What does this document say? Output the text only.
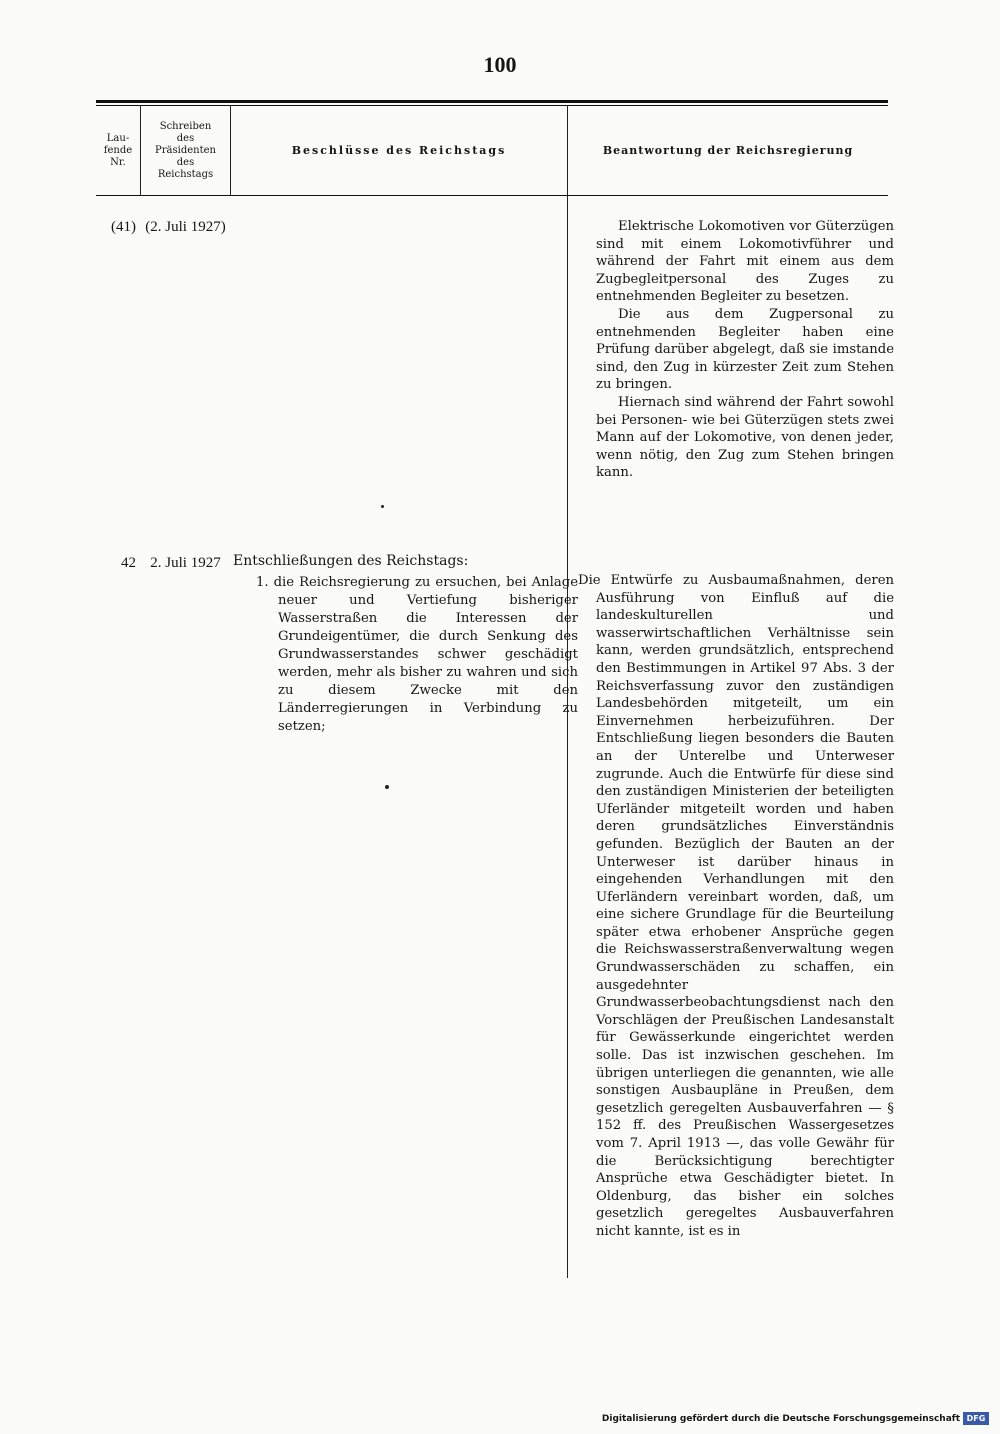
100
Lau-
fende
Nr.
Schreiben
des
Präsidenten
des
Reichstags
Beschlüsse des Reichstags	Beantwortung der Reichsregierung
(41) (2. Juli 1927)	Elektrische Lokomotiven vor Güterzügen sind mit einem Lokomotivführer und während der Fahrt mit einem aus dem Zugbegleitpersonal des Zuges zu entnehmenden Begleiter zu besetzen.

Die aus dem Zugpersonal zu entnehmenden Begleiter haben eine Prüfung darüber abgelegt, daß sie imstande sind, den Zug in kürzester Zeit zum Stehen zu bringen.

Hiernach sind während der Fahrt sowohl bei Personen- wie bei Güterzügen stets zwei Mann auf der Lokomotive, von denen jeder, wenn nötig, den Zug zum Stehen bringen kann.

42 2. Juli 1927 Entschließungen des Reichstags:

1. die Reichsregierung zu ersuchen, bei Anlage neuer und Vertiefung bisheriger Wasserstraßen die Interessen der Grundeigentümer, die durch Senkung des Grundwasserstandes schwer geschädigt werden, mehr als bisher zu wahren und sich zu diesem Zwecke mit den Länderregierungen in Verbindung zu setzen;

Die Entwürfe zu Ausbaumaßnahmen, deren Ausführung von Einfluß auf die landeskulturellen und wasserwirtschaftlichen Verhältnisse sein kann, werden grundsätzlich, entsprechend den Bestimmungen in Artikel 97 Abs. 3 der Reichsverfassung zuvor den zuständigen Landesbehörden mitgeteilt, um ein Einvernehmen herbeizuführen. Der Entschließung liegen besonders die Bauten an der Unterelbe und Unterweser zugrunde. Auch die Entwürfe für diese sind den zuständigen Ministerien der beteiligten Uferländer mitgeteilt worden und haben deren grundsätzliches Einverständnis gefunden. Bezüglich der Bauten an der Unterweser ist darüber hinaus in eingehenden Verhandlungen mit den Uferländern vereinbart worden, daß, um eine sichere Grundlage für die Beurteilung später etwa erhobener Ansprüche gegen die Reichswasserstraßenverwaltung wegen Grundwasserschäden zu schaffen, ein ausgedehnter Grundwasserbeobachtungsdienst nach den Vorschlägen der Preußischen Landesanstalt für Gewässerkunde eingerichtet werden solle. Das ist inzwischen geschehen. Im übrigen unterliegen die genannten, wie alle sonstigen Ausbaupläne in Preußen, dem gesetzlich geregelten Ausbauverfahren — § 152 ff. des Preußischen Wassergesetzes vom 7. April 1913 —, das volle Gewähr für die Berücksichtigung berechtigter Ansprüche etwa Geschädigter bietet. In Oldenburg, das bisher ein solches gesetzlich geregeltes Ausbauverfahren nicht kannte, ist es in

Digitalisierung gefördert durch die Deutsche Forschungsgemeinschaft DFG
